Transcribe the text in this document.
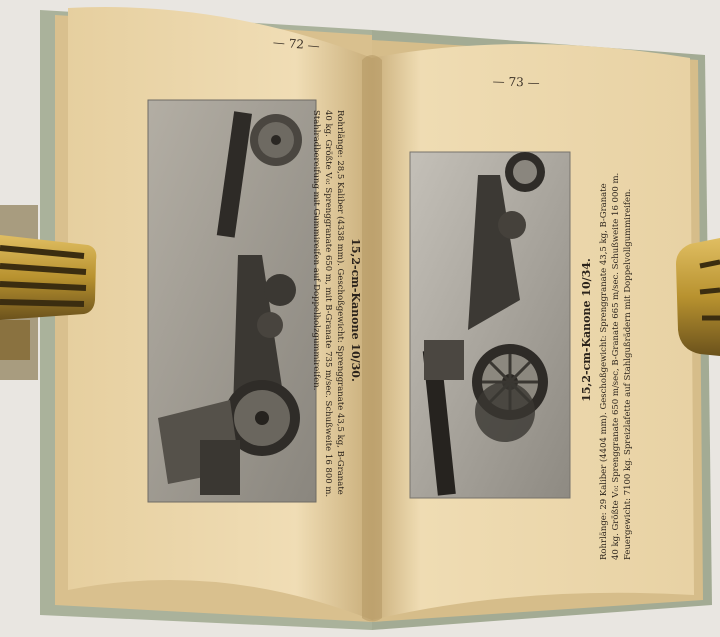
15,2-cm-Kanone 10/30.
Rohrlänge: 28,5 Kaliber (4338 mm). Geschoßgewicht: Sprenggranate 43,5 kg, B-Granate
40 kg. Größte V₀: Sprenggranate 650 m, mit B-Granate 735 m/sec. Schußweite 16 800 m.
Stahlradbereifung mit Gummireifen auf Doppelholzgummireifen.
— 72 —
15,2-cm-Kanone 10/34. Rohrlänge: 29 Kaliber (4404 mm). Geschoßgewicht: Sprenggranate 43,5 kg, B-Granate 40 kg. Größte V₀: Sprenggranate 650 m/sec, B-Granate 665 m/sec. Schußweite 16 000 m. Feuergewicht: 7100 kg. Spreizlafette auf Stahlgußrädern mit Doppelvollgummireifen.
— 73 —
